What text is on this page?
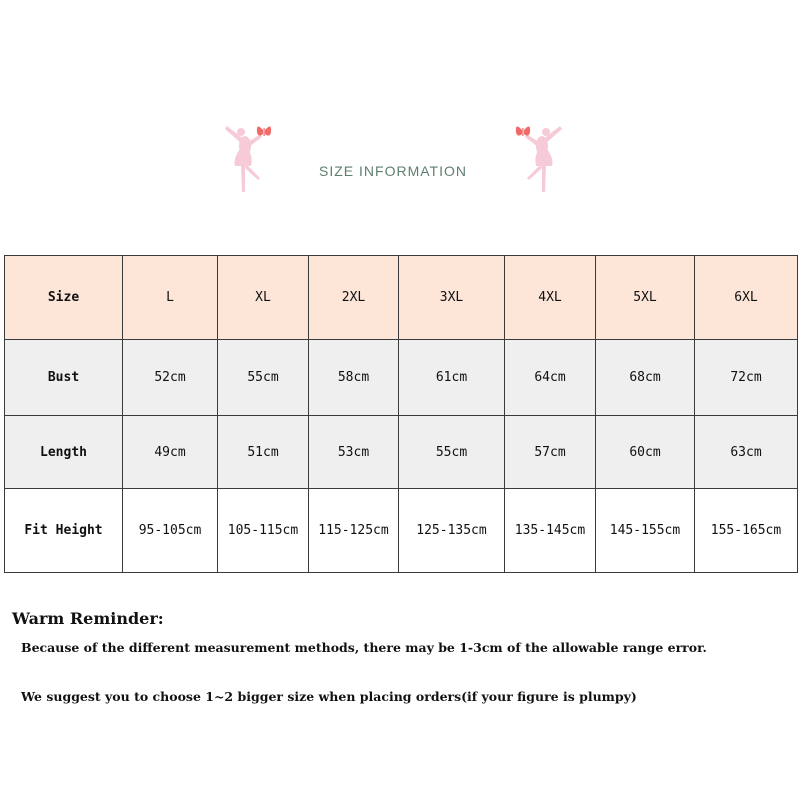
SIZE INFORMATION
Size	L	XL	2XL	3XL	4XL	5XL	6XL
Bust	52cm	55cm	58cm	61cm	64cm	68cm	72cm
Length	49cm	51cm	53cm	55cm	57cm	60cm	63cm
Fit Height	95-105cm	105-115cm	115-125cm	125-135cm	135-145cm	145-155cm	155-165cm
Warm Reminder:
Because of the different measurement methods, there may be 1-3cm of the allowable range error.
We suggest you to choose 1~2 bigger size when placing orders(if your figure is plumpy)
